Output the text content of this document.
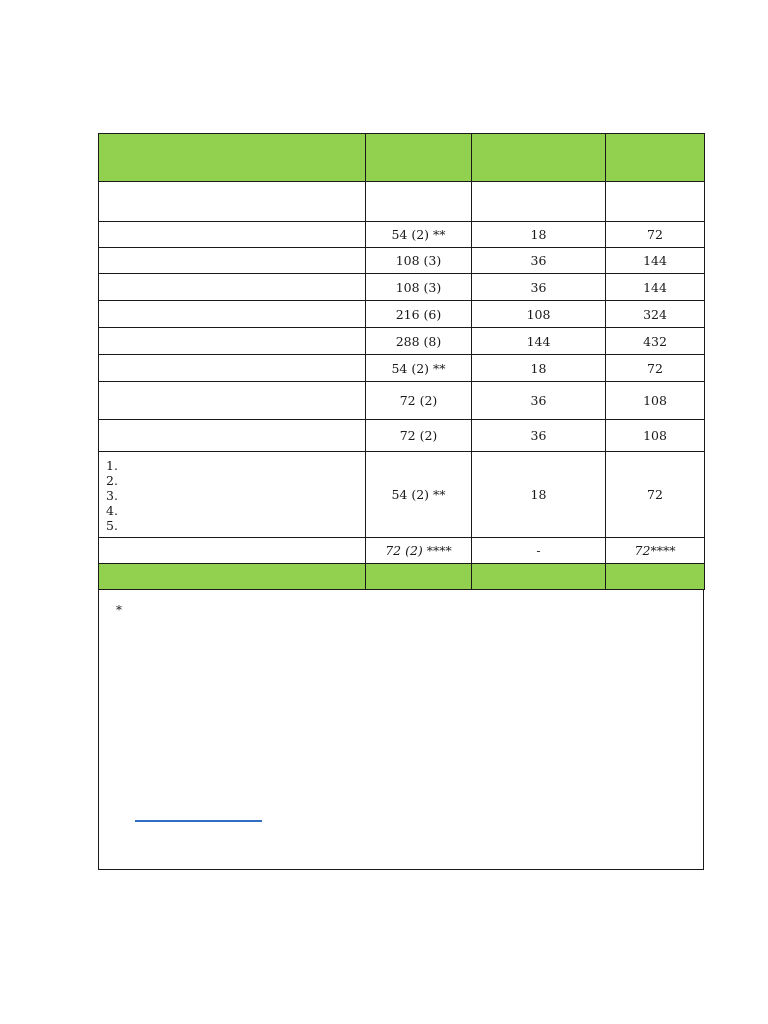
	54 (2) **	18	72
	108 (3)	36	144
	108 (3)	36	144
	216 (6)	108	324
	288 (8)	144	432
	54 (2) **	18	72
	72 (2)	36	108
	72 (2)	36	108

1.
2.
3.
4.
5.	54 (2) **	18	72
	72 (2) ****	-	72****

*
